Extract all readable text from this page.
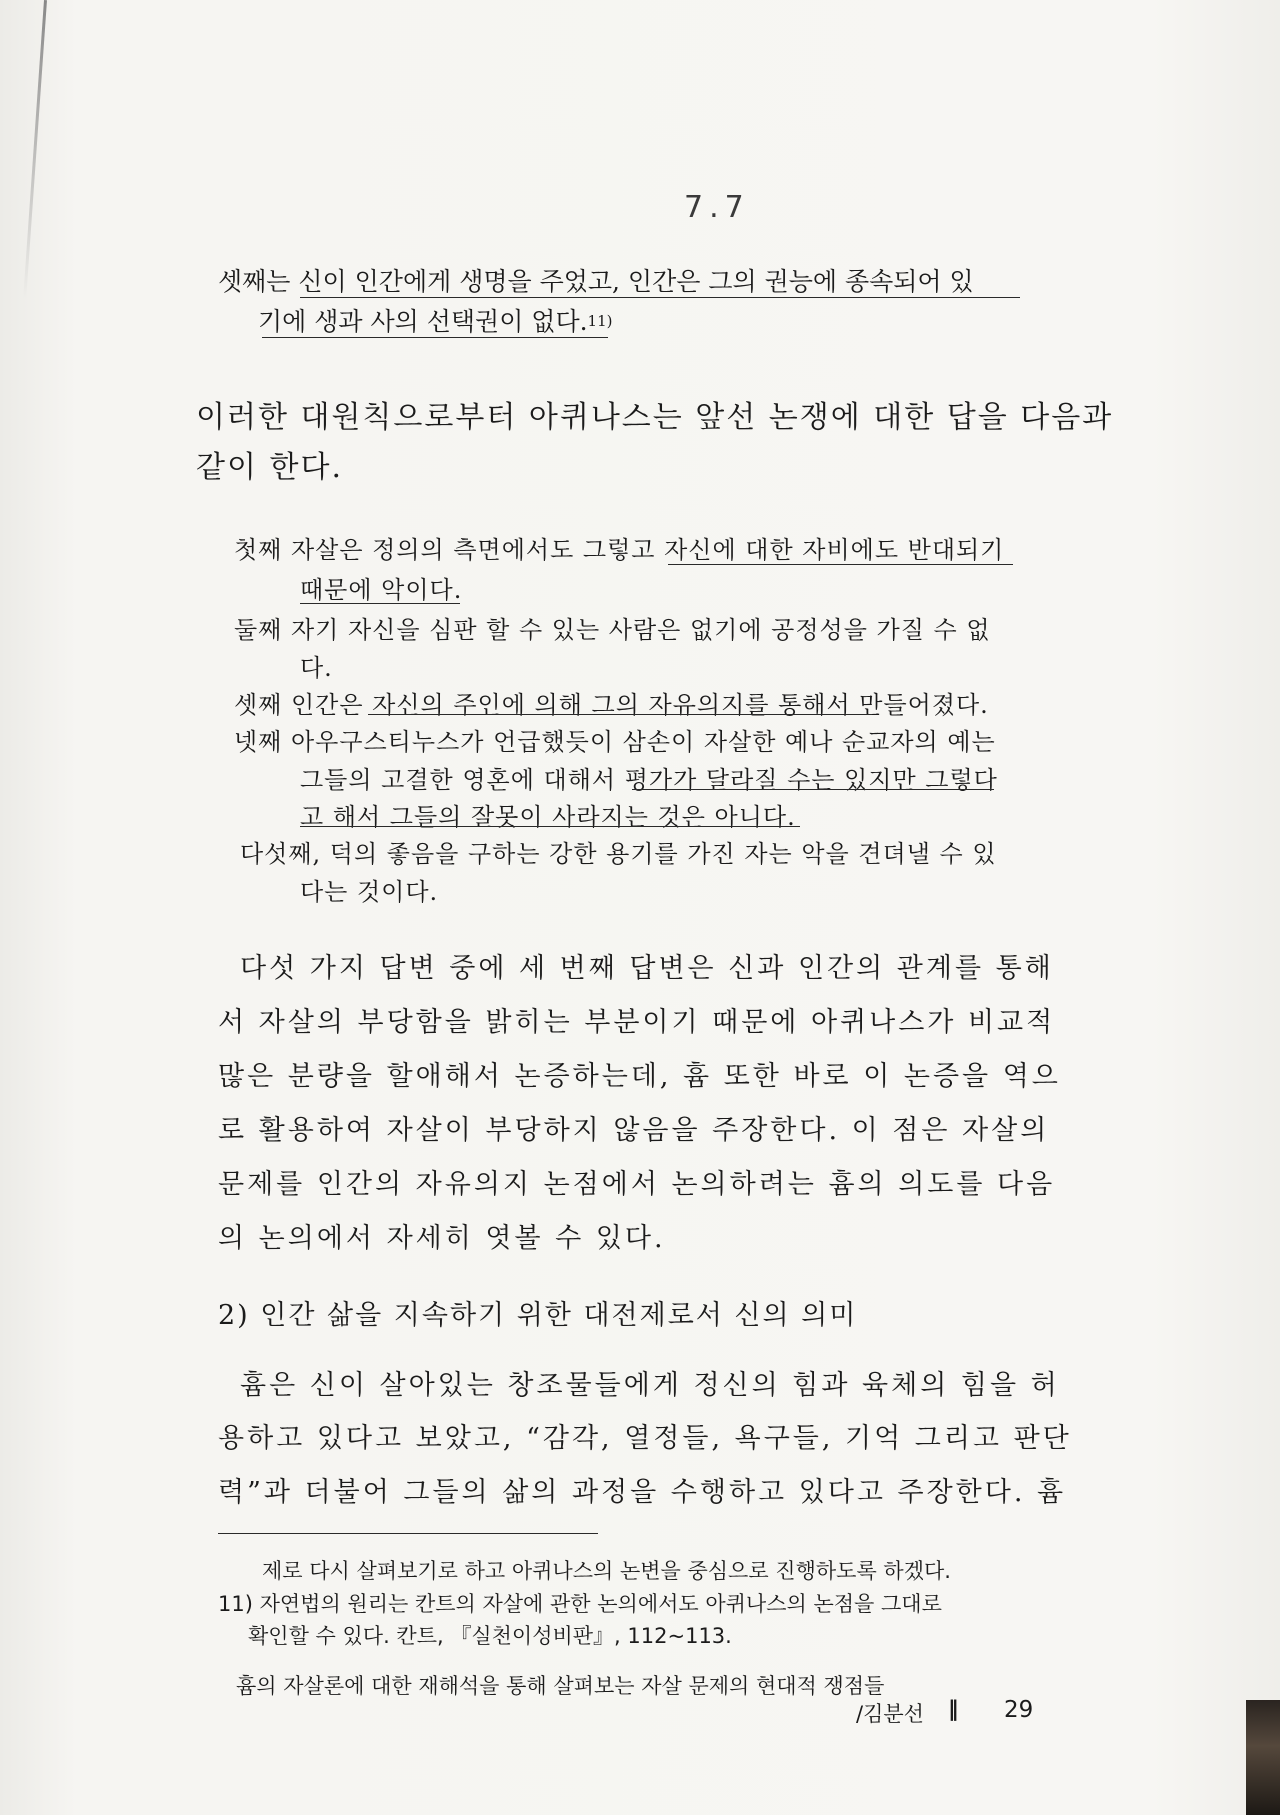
7.7
셋째는 신이 인간에게 생명을 주었고, 인간은 그의 권능에 종속되어 있
기에 생과 사의 선택권이 없다.$^{11)}$
이러한 대원칙으로부터 아퀴나스는 앞선 논쟁에 대한 답을 다음과
같이 한다.
첫째 자살은 정의의 측면에서도 그렇고 자신에 대한 자비에도 반대되기
때문에 악이다.
둘째 자기 자신을 심판 할 수 있는 사람은 없기에 공정성을 가질 수 없
다.
셋째 인간은 자신의 주인에 의해 그의 자유의지를 통해서 만들어졌다.
넷째 아우구스티누스가 언급했듯이 삼손이 자살한 예나 순교자의 예는
그들의 고결한 영혼에 대해서 평가가 달라질 수는 있지만 그렇다
고 해서 그들의 잘못이 사라지는 것은 아니다.
다섯째, 덕의 좋음을 구하는 강한 용기를 가진 자는 악을 견뎌낼 수 있
다는 것이다.
다섯 가지 답변 중에 세 번째 답변은 신과 인간의 관계를 통해
서 자살의 부당함을 밝히는 부분이기 때문에 아퀴나스가 비교적
많은 분량을 할애해서 논증하는데, 흄 또한 바로 이 논증을 역으
로 활용하여 자살이 부당하지 않음을 주장한다. 이 점은 자살의
문제를 인간의 자유의지 논점에서 논의하려는 흄의 의도를 다음
의 논의에서 자세히 엿볼 수 있다.
2) 인간 삶을 지속하기 위한 대전제로서 신의 의미
흄은 신이 살아있는 창조물들에게 정신의 힘과 육체의 힘을 허
용하고 있다고 보았고, “감각, 열정들, 욕구들, 기억 그리고 판단
력”과 더불어 그들의 삶의 과정을 수행하고 있다고 주장한다. 흄
제로 다시 살펴보기로 하고 아퀴나스의 논변을 중심으로 진행하도록 하겠다.
11) 자연법의 원리는 칸트의 자살에 관한 논의에서도 아퀴나스의 논점을 그대로
확인할 수 있다. 칸트, 『실천이성비판』, 112~113.
흄의 자살론에 대한 재해석을 통해 살펴보는 자살 문제의 현대적 쟁점들
/김분선 ‖ 29
